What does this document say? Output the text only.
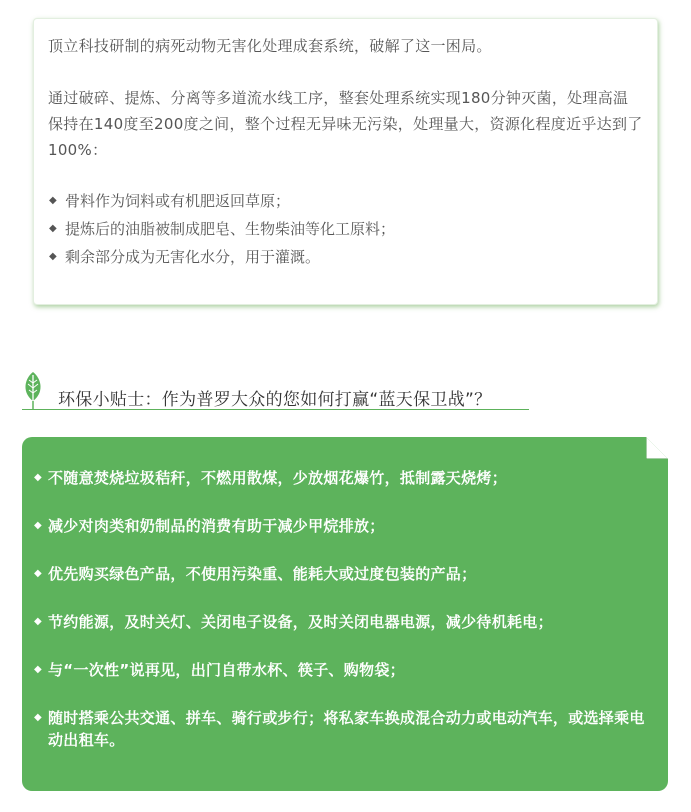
顶立科技研制的病死动物无害化处理成套系统，破解了这一困局。

通过破碎、提炼、分离等多道流水线工序，整套处理系统实现180分钟灭菌，处理高温保持在140度至200度之间，整个过程无异味无污染，处理量大，资源化程度近乎达到了100%：

◆ 骨料作为饲料或有机肥返回草原；
◆ 提炼后的油脂被制成肥皂、生物柴油等化工原料；
◆ 剩余部分成为无害化水分，用于灌溉。
环保小贴士：作为普罗大众的您如何打赢“蓝天保卫战”？
◆ 不随意焚烧垃圾秸秆，不燃用散煤，少放烟花爆竹，抵制露天烧烤；
◆ 减少对肉类和奶制品的消费有助于减少甲烷排放；
◆ 优先购买绿色产品，不使用污染重、能耗大或过度包装的产品；
◆ 节约能源，及时关灯、关闭电子设备，及时关闭电器电源，减少待机耗电；
◆ 与“一次性”说再见，出门自带水杯、筷子、购物袋；
◆ 随时搭乘公共交通、拼车、骑行或步行；将私家车换成混合动力或电动汽车，或选择乘电动出租车。
